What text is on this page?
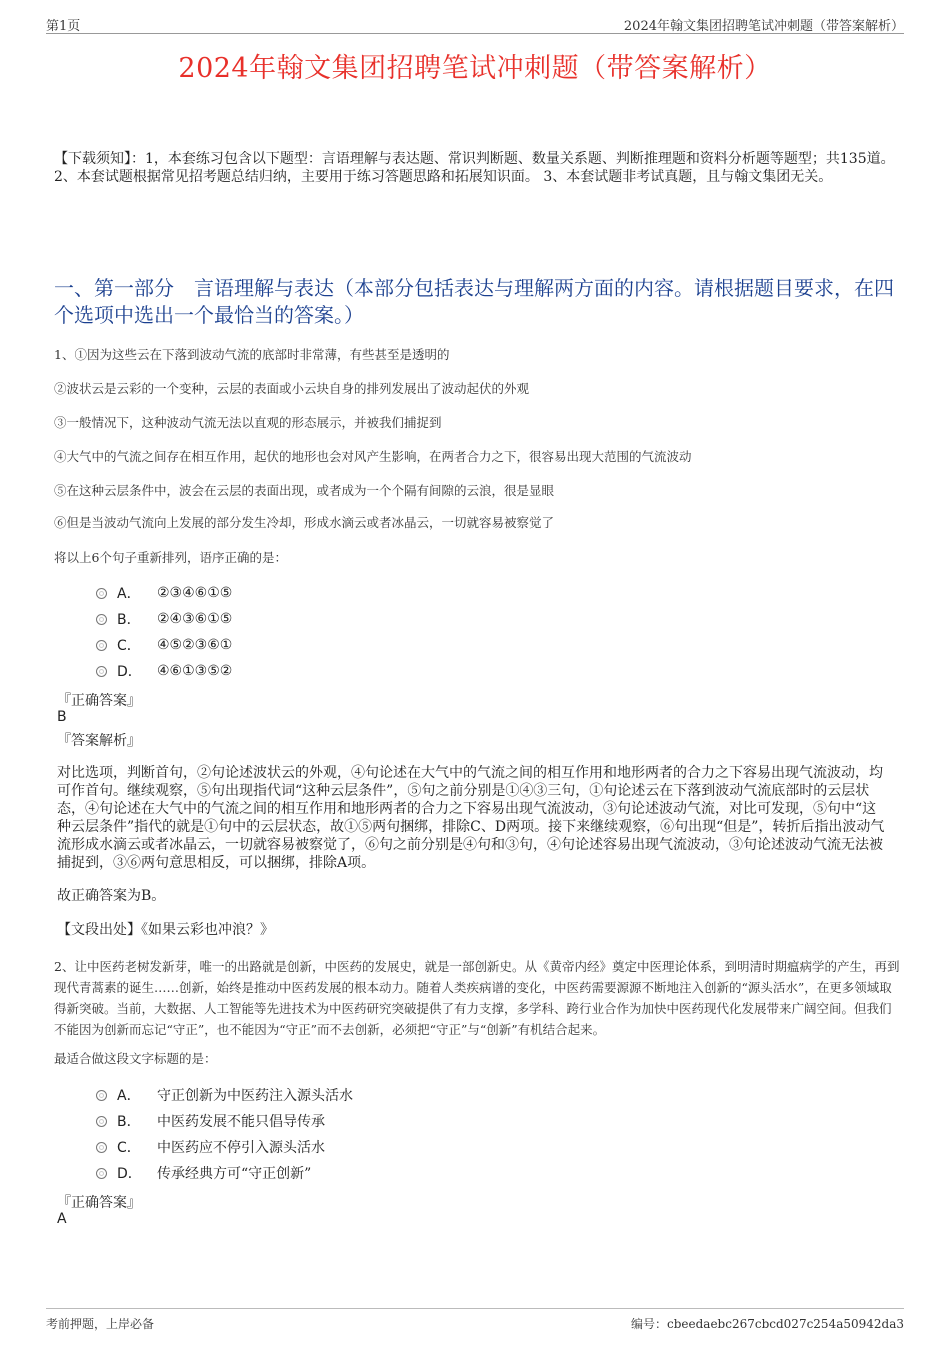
第1页	2024年翰文集团招聘笔试冲刺题（带答案解析）
2024年翰文集团招聘笔试冲刺题（带答案解析）
【下载须知】：1，本套练习包含以下题型：言语理解与表达题、常识判断题、数量关系题、判断推理题和资料分析题等题型；共135道。 2、本套试题根据常见招考题总结归纳，主要用于练习答题思路和拓展知识面。 3、本套试题非考试真题，且与翰文集团无关。
一、第一部分　言语理解与表达（本部分包括表达与理解两方面的内容。请根据题目要求，在四个选项中选出一个最恰当的答案。）
1、①因为这些云在下落到波动气流的底部时非常薄，有些甚至是透明的
②波状云是云彩的一个变种，云层的表面或小云块自身的排列发展出了波动起伏的外观
③一般情况下，这种波动气流无法以直观的形态展示，并被我们捕捉到
④大气中的气流之间存在相互作用，起伏的地形也会对风产生影响，在两者合力之下，很容易出现大范围的气流波动
⑤在这种云层条件中，波会在云层的表面出现，或者成为一个个隔有间隙的云浪，很是显眼
⑥但是当波动气流向上发展的部分发生冷却，形成水滴云或者冰晶云，一切就容易被察觉了
将以上6个句子重新排列，语序正确的是：
A． ②③④⑥①⑤
B． ②④③⑥①⑤
C． ④⑤②③⑥①
D． ④⑥①③⑤②
『正确答案』
B
『答案解析』
对比选项，判断首句，②句论述波状云的外观，④句论述在大气中的气流之间的相互作用和地形两者的合力之下容易出现气流波动，均可作首句。继续观察，⑤句出现指代词“这种云层条件”，⑤句之前分别是①④③三句，①句论述云在下落到波动气流底部时的云层状态，④句论述在大气中的气流之间的相互作用和地形两者的合力之下容易出现气流波动，③句论述波动气流，对比可发现，⑤句中“这种云层条件”指代的就是①句中的云层状态，故①⑤两句捆绑，排除C、D两项。接下来继续观察，⑥句出现“但是”，转折后指出波动气流形成水滴云或者冰晶云，一切就容易被察觉了，⑥句之前分别是④句和③句，④句论述容易出现气流波动，③句论述波动气流无法被捕捉到，③⑥两句意思相反，可以捆绑，排除A项。
故正确答案为B。
【文段出处】《如果云彩也冲浪？》
2、让中医药老树发新芽，唯一的出路就是创新，中医药的发展史，就是一部创新史。从《黄帝内经》奠定中医理论体系，到明清时期瘟病学的产生，再到现代青蒿素的诞生……创新，始终是推动中医药发展的根本动力。随着人类疾病谱的变化，中医药需要源源不断地注入创新的“源头活水”，在更多领域取得新突破。当前，大数据、人工智能等先进技术为中医药研究突破提供了有力支撑，多学科、跨行业合作为加快中医药现代化发展带来广阔空间。但我们不能因为创新而忘记“守正”，也不能因为“守正”而不去创新，必须把“守正”与“创新”有机结合起来。
最适合做这段文字标题的是：
A． 守正创新为中医药注入源头活水
B． 中医药发展不能只倡导传承
C． 中医药应不停引入源头活水
D． 传承经典方可“守正创新”
『正确答案』
A
考前押题，上岸必备	编号：cbeedaebc267cbcd027c254a50942da3
